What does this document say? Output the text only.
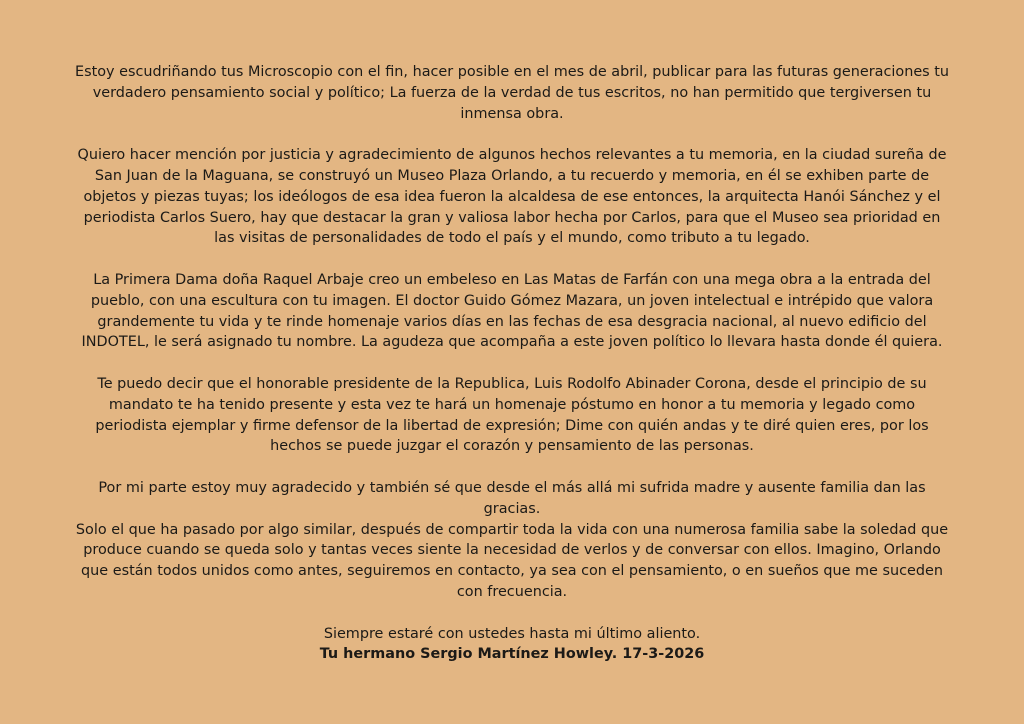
Estoy escudriñando tus Microscopio con el fin, hacer posible en el mes de abril, publicar para las futuras generaciones tu verdadero pensamiento social y político; La fuerza de la verdad de tus escritos, no han permitido que tergiversen tu inmensa obra.

Quiero hacer mención por justicia y agradecimiento de algunos hechos relevantes a tu memoria, en la ciudad sureña de San Juan de la Maguana, se construyó un Museo Plaza Orlando, a tu recuerdo y memoria, en él se exhiben parte de objetos y piezas tuyas; los ideólogos de esa idea fueron la alcaldesa de ese entonces, la arquitecta Hanói Sánchez y el periodista Carlos Suero, hay que destacar la gran y valiosa labor hecha por Carlos, para que el Museo sea prioridad en las visitas de personalidades de todo el país y el mundo, como tributo a tu legado.

La Primera Dama doña Raquel Arbaje creo un embeleso en Las Matas de Farfán con una mega obra a la entrada del pueblo, con una escultura con tu imagen. El doctor Guido Gómez Mazara, un joven intelectual e intrépido que valora grandemente tu vida y te rinde homenaje varios días en las fechas de esa desgracia nacional, al nuevo edificio del INDOTEL, le será asignado tu nombre. La agudeza que acompaña a este joven político lo llevara hasta donde él quiera.

Te puedo decir que el honorable presidente de la Republica, Luis Rodolfo Abinader Corona, desde el principio de su mandato te ha tenido presente y esta vez te hará un homenaje póstumo en honor a tu memoria y legado como periodista ejemplar y firme defensor de la libertad de expresión; Dime con quién andas y te diré quien eres, por los hechos se puede juzgar el corazón y pensamiento de las personas.

Por mi parte estoy muy agradecido y también sé que desde el más allá mi sufrida madre y ausente familia dan las gracias.

Solo el que ha pasado por algo similar, después de compartir toda la vida con una numerosa familia sabe la soledad que produce cuando se queda solo y tantas veces siente la necesidad de verlos y de conversar con ellos. Imagino, Orlando que están todos unidos como antes, seguiremos en contacto, ya sea con el pensamiento, o en sueños que me suceden con frecuencia.

Siempre estaré con ustedes hasta mi último aliento.

Tu hermano Sergio Martínez Howley. 17-3-2026
